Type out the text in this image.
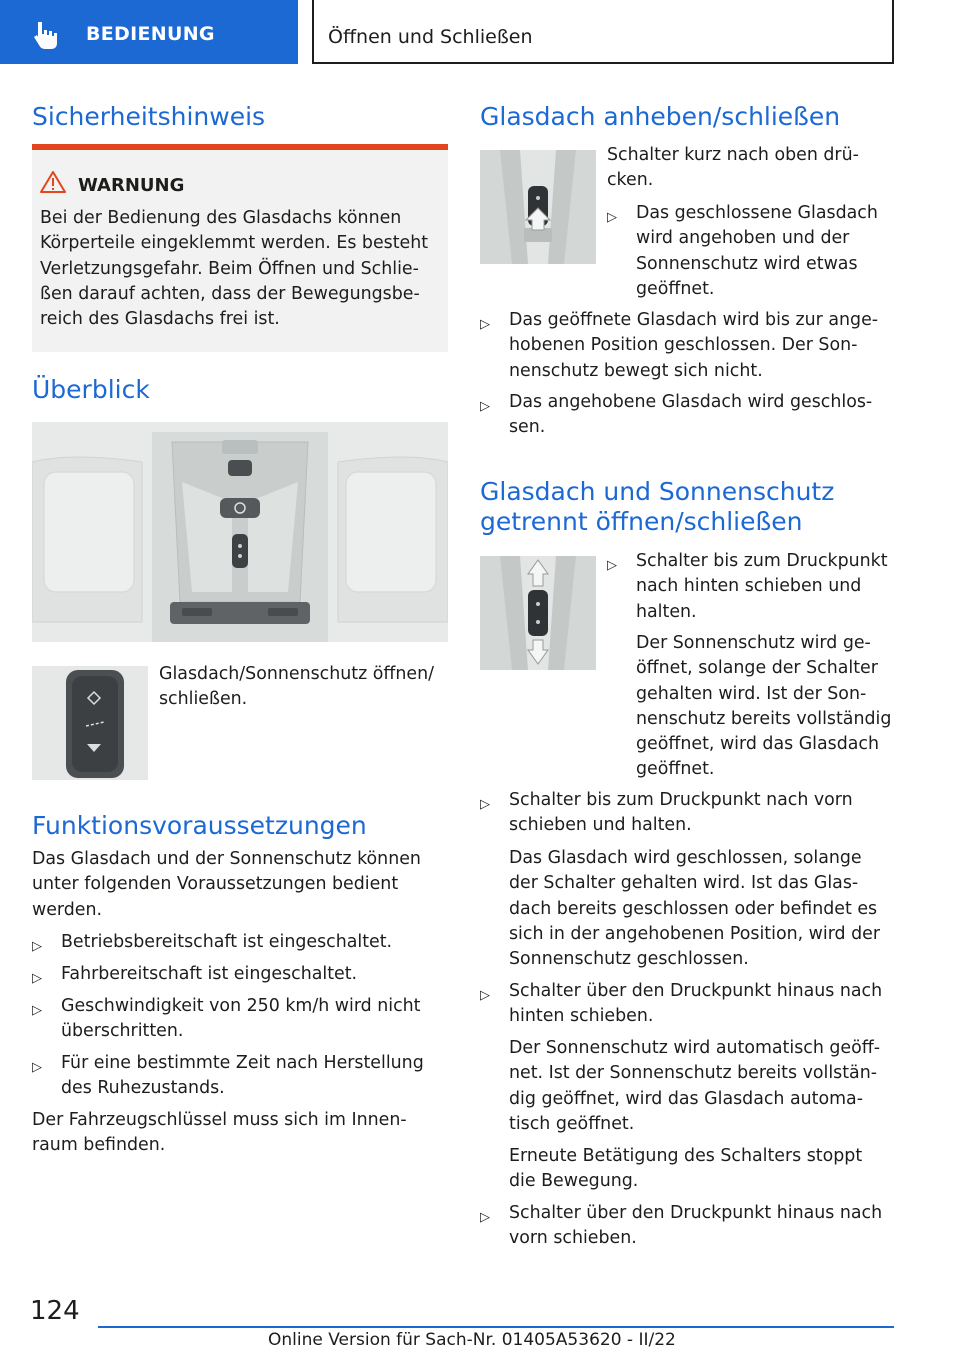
BEDIENUNG	Öffnen und Schließen
Sicherheitshinweis
WARNUNG
Bei der Bedienung des Glasdachs können
Körperteile eingeklemmt werden. Es besteht
Verletzungsgefahr. Beim Öffnen und Schlie-
ßen darauf achten, dass der Bewegungsbe-
reich des Glasdachs frei ist.
Überblick
Glasdach/Sonnenschutz öffnen/
schließen.
Funktionsvoraussetzungen
Das Glasdach und der Sonnenschutz können
unter folgenden Voraussetzungen bedient
werden.
▷ Betriebsbereitschaft ist eingeschaltet.
▷ Fahrbereitschaft ist eingeschaltet.
▷ Geschwindigkeit von 250 km/h wird nicht
überschritten.
▷ Für eine bestimmte Zeit nach Herstellung
des Ruhezustands.
Der Fahrzeugschlüssel muss sich im Innen-
raum befinden.
Glasdach anheben/schließen
Schalter kurz nach oben drü-
cken.
▷ Das geschlossene Glasdach
wird angehoben und der
Sonnenschutz wird etwas
geöffnet.
▷ Das geöffnete Glasdach wird bis zur ange-
hobenen Position geschlossen. Der Son-
nenschutz bewegt sich nicht.
▷ Das angehobene Glasdach wird geschlos-
sen.
Glasdach und Sonnenschutz
getrennt öffnen/schließen
▷ Schalter bis zum Druckpunkt
nach hinten schieben und
halten.
Der Sonnenschutz wird ge-
öffnet, solange der Schalter
gehalten wird. Ist der Son-
nenschutz bereits vollständig
geöffnet, wird das Glasdach
geöffnet.
▷ Schalter bis zum Druckpunkt nach vorn
schieben und halten.
Das Glasdach wird geschlossen, solange
der Schalter gehalten wird. Ist das Glas-
dach bereits geschlossen oder befindet es
sich in der angehobenen Position, wird der
Sonnenschutz geschlossen.
▷ Schalter über den Druckpunkt hinaus nach
hinten schieben.
Der Sonnenschutz wird automatisch geöff-
net. Ist der Sonnenschutz bereits vollstän-
dig geöffnet, wird das Glasdach automa-
tisch geöffnet.
Erneute Betätigung des Schalters stoppt
die Bewegung.
▷ Schalter über den Druckpunkt hinaus nach
vorn schieben.
124
Online Version für Sach-Nr. 01405A53620 - II/22
